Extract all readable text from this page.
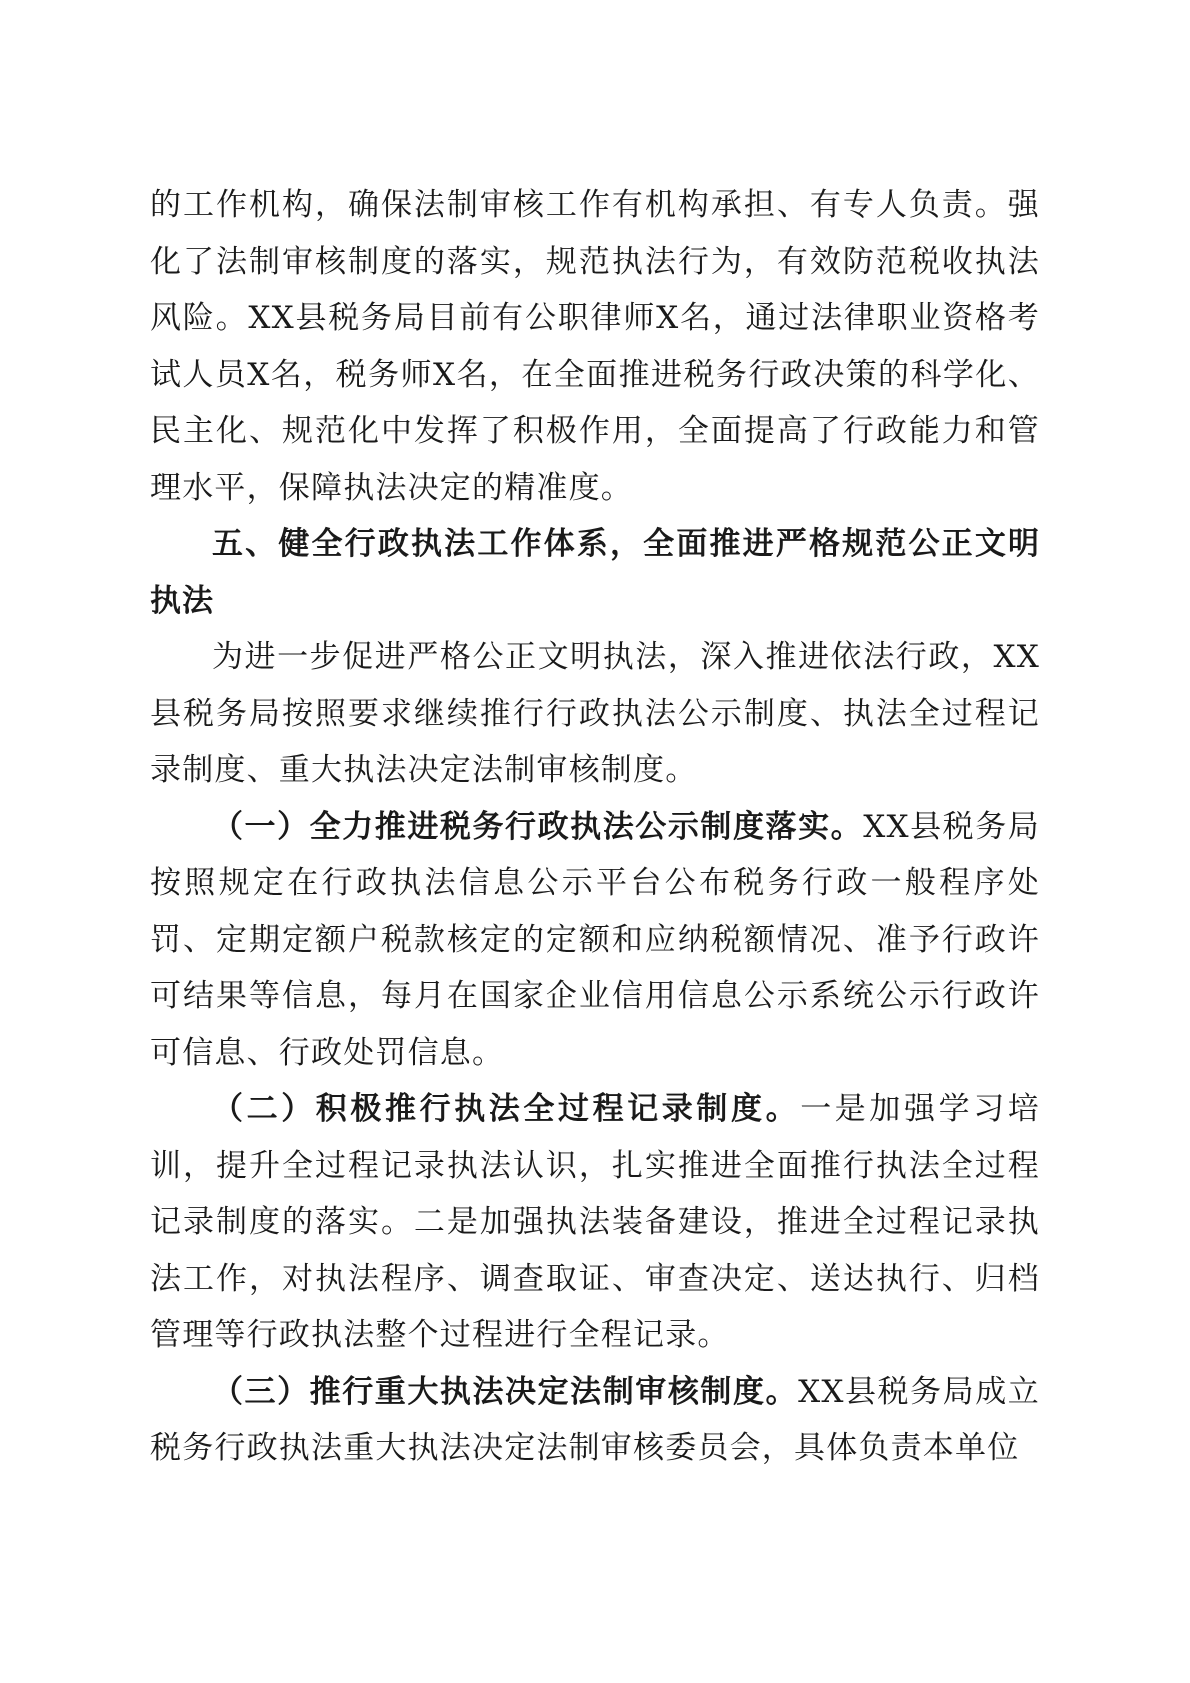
的工作机构，确保法制审核工作有机构承担、有专人负责。强化了法制审核制度的落实，规范执法行为，有效防范税收执法风险。XX县税务局目前有公职律师X名，通过法律职业资格考试人员X名，税务师X名，在全面推进税务行政决策的科学化、民主化、规范化中发挥了积极作用，全面提高了行政能力和管理水平，保障执法决定的精准度。

五、健全行政执法工作体系，全面推进严格规范公正文明执法

为进一步促进严格公正文明执法，深入推进依法行政，XX县税务局按照要求继续推行行政执法公示制度、执法全过程记录制度、重大执法决定法制审核制度。

（一）全力推进税务行政执法公示制度落实。XX县税务局按照规定在行政执法信息公示平台公布税务行政一般程序处罚、定期定额户税款核定的定额和应纳税额情况、准予行政许可结果等信息，每月在国家企业信用信息公示系统公示行政许可信息、行政处罚信息。

（二）积极推行执法全过程记录制度。一是加强学习培训，提升全过程记录执法认识，扎实推进全面推行执法全过程记录制度的落实。二是加强执法装备建设，推进全过程记录执法工作，对执法程序、调查取证、审查决定、送达执行、归档管理等行政执法整个过程进行全程记录。

（三）推行重大执法决定法制审核制度。XX县税务局成立税务行政执法重大执法决定法制审核委员会，具体负责本单位
